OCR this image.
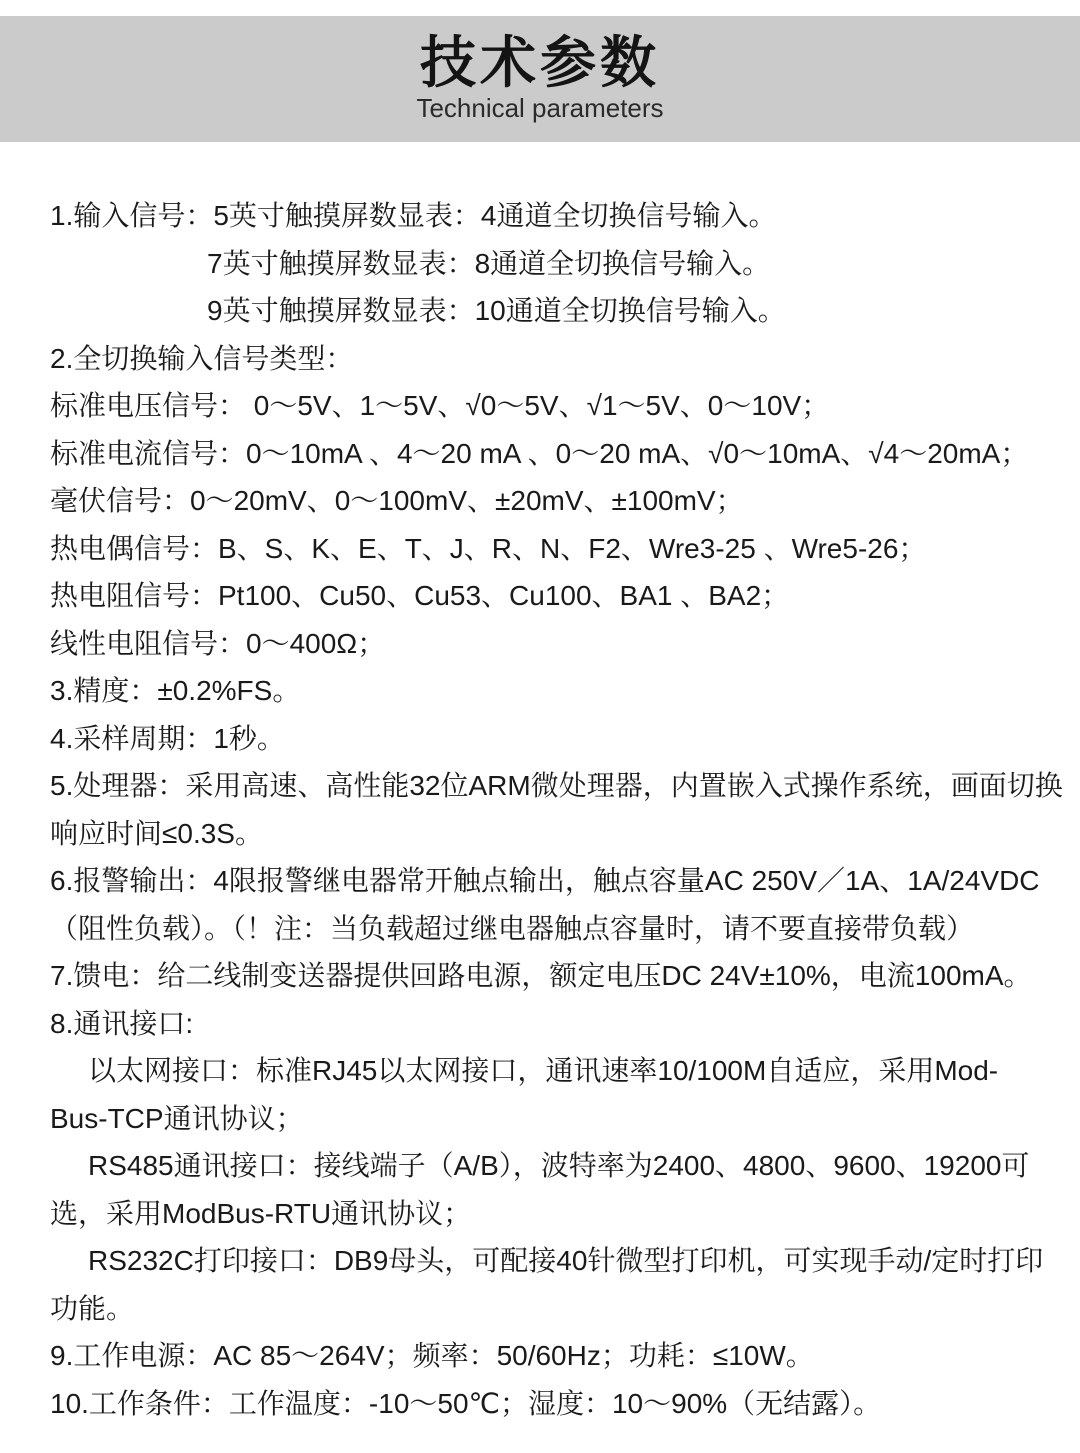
技术参数
Technical parameters
1.输入信号：5英寸触摸屏数显表：4通道全切换信号输入。
7英寸触摸屏数显表：8通道全切换信号输入。
9英寸触摸屏数显表：10通道全切换信号输入。
2.全切换输入信号类型：
标准电压信号： 0～5V、1～5V、√0～5V、√1～5V、0～10V；
标准电流信号：0～10mA 、4～20 mA 、0～20 mA、√0～10mA、√4～20mA；
毫伏信号：0～20mV、0～100mV、±20mV、±100mV；
热电偶信号：B、S、K、E、T、J、R、N、F2、Wre3-25 、Wre5-26；
热电阻信号：Pt100、Cu50、Cu53、Cu100、BA1 、BA2；
线性电阻信号：0～400Ω；
3.精度：±0.2%FS。
4.采样周期：1秒。
5.处理器：采用高速、高性能32位ARM微处理器，内置嵌入式操作系统，画面切换
响应时间≤0.3S。
6.报警输出：4限报警继电器常开触点输出，触点容量AC 250V／1A、1A/24VDC
（阻性负载）。（！注：当负载超过继电器触点容量时，请不要直接带负载）
7.馈电：给二线制变送器提供回路电源，额定电压DC 24V±10%，电流100mA。
8.通讯接口:
以太网接口：标准RJ45以太网接口，通讯速率10/100M自适应，采用Mod-
Bus-TCP通讯协议；
RS485通讯接口：接线端子（A/B），波特率为2400、4800、9600、19200可
选，采用ModBus-RTU通讯协议；
RS232C打印接口：DB9母头，可配接40针微型打印机，可实现手动/定时打印
功能。
9.工作电源：AC 85～264V；频率：50/60Hz；功耗：≤10W。
10.工作条件：工作温度：-10～50℃；湿度：10～90%（无结露）。
